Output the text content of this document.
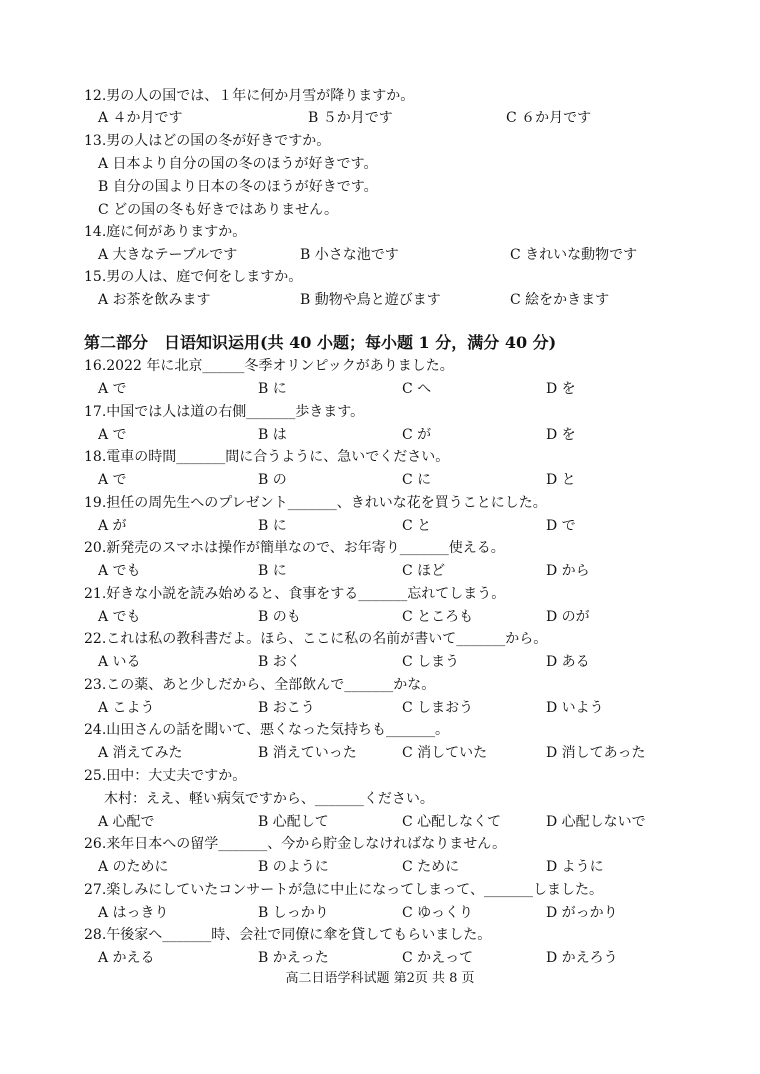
12.男の人の国では、１年に何か月雪が降りますか。
A ４か月です	B ５か月です	C ６か月です
13.男の人はどの国の冬が好きですか。
A 日本より自分の国の冬のほうが好きです。
B 自分の国より日本の冬のほうが好きです。
C どの国の冬も好きではありません。
14.庭に何がありますか。
A 大きなテーブルです	B 小さな池です	C きれいな動物です
15.男の人は、庭で何をしますか。
A お茶を飲みます	B 動物や鳥と遊びます	C 絵をかきます
第二部分　日语知识运用(共 40 小题；每小题 1 分，满分 40 分)
16.2022 年に北京______冬季オリンピックがありました。
A で	B に	C へ	D を
17.中国では人は道の右側_______歩きます。
A で	B は	C が	D を
18.電車の時間_______間に合うように、急いでください。
A で	B の	C に	D と
19.担任の周先生へのプレゼント_______、きれいな花を買うことにした。
A が	B に	C と	D で
20.新発売のスマホは操作が簡単なので、お年寄り_______使える。
A でも	B に	C ほど	D から
21.好きな小説を読み始めると、食事をする_______忘れてしまう。
A でも	B のも	C ところも	D のが
22.これは私の教科書だよ。ほら、ここに私の名前が書いて_______から。
A いる	B おく	C しまう	D ある
23.この薬、あと少しだから、全部飲んで_______かな。
A こよう	B おこう	C しまおう	D いよう
24.山田さんの話を聞いて、悪くなった気持ちも_______。
A 消えてみた	B 消えていった	C 消していた	D 消してあった
25.田中：大丈夫ですか。
木村：ええ、軽い病気ですから、_______ください。
A 心配で	B 心配して	C 心配しなくて	D 心配しないで
26.来年日本への留学_______、今から貯金しなければなりません。
A のために	B のように	C ために	D ように
27.楽しみにしていたコンサートが急に中止になってしまって、_______しました。
A はっきり	B しっかり	C ゆっくり	D がっかり
28.午後家へ_______時、会社で同僚に傘を貸してもらいました。
A かえる	B かえった	C かえって	D かえろう
高二日语学科试题 第2页 共 8 页
